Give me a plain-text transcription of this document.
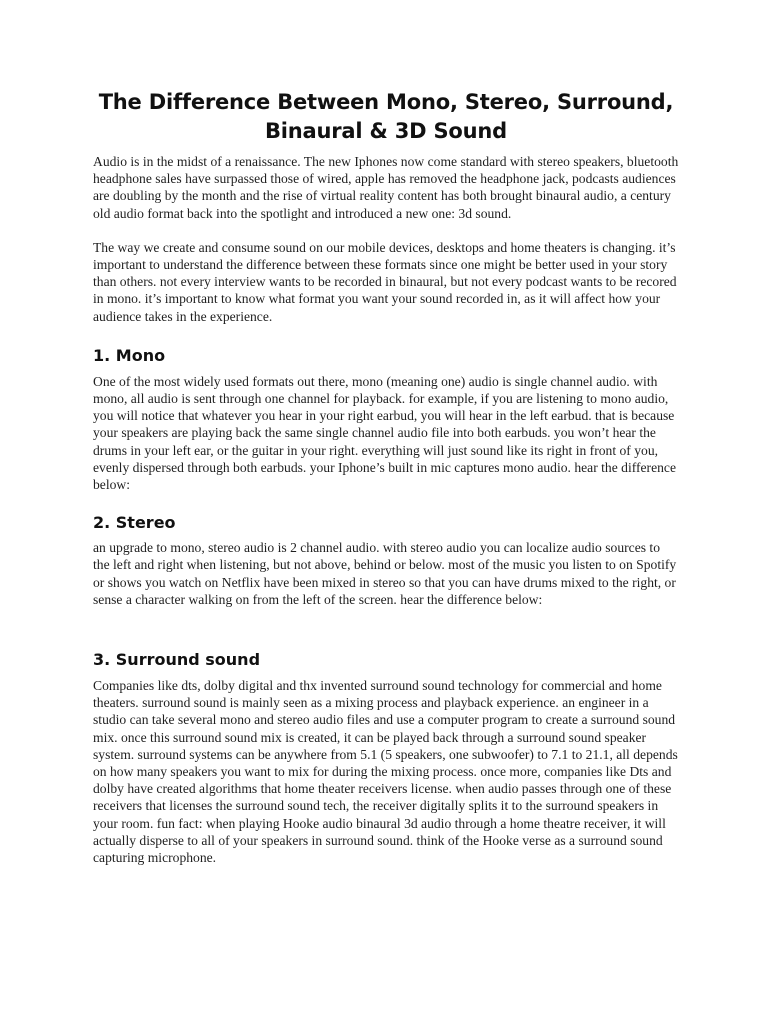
The Difference Between Mono, Stereo, Surround, Binaural & 3D Sound

Audio is in the midst of a renaissance. The new Iphones now come standard with stereo speakers, bluetooth headphone sales have surpassed those of wired, apple has removed the headphone jack, podcasts audiences are doubling by the month and the rise of virtual reality content has both brought binaural audio, a century old audio format back into the spotlight and introduced a new one: 3d sound.

The way we create and consume sound on our mobile devices, desktops and home theaters is changing. it’s important to understand the difference between these formats since one might be better used in your story than others. not every interview wants to be recorded in binaural, but not every podcast wants to be recored in mono. it’s important to know what format you want your sound recorded in, as it will affect how your audience takes in the experience.

1. Mono

One of the most widely used formats out there, mono (meaning one) audio is single channel audio. with mono, all audio is sent through one channel for playback. for example, if you are listening to mono audio, you will notice that whatever you hear in your right earbud, you will hear in the left earbud. that is because your speakers are playing back the same single channel audio file into both earbuds. you won’t hear the drums in your left ear, or the guitar in your right. everything will just sound like its right in front of you, evenly dispersed through both earbuds. your Iphone’s built in mic captures mono audio. hear the difference below:

2. Stereo

an upgrade to mono, stereo audio is 2 channel audio. with stereo audio you can localize audio sources to the left and right when listening, but not above, behind or below. most of the music you listen to on Spotify or shows you watch on Netflix have been mixed in stereo so that you can have drums mixed to the right, or sense a character walking on from the left of the screen. hear the difference below:

3. Surround sound

Companies like dts, dolby digital and thx invented surround sound technology for commercial and home theaters. surround sound is mainly seen as a mixing process and playback experience. an engineer in a studio can take several mono and stereo audio files and use a computer program to create a surround sound mix. once this surround sound mix is created, it can be played back through a surround sound speaker system. surround systems can be anywhere from 5.1 (5 speakers, one subwoofer) to 7.1 to 21.1, all depends on how many speakers you want to mix for during the mixing process. once more, companies like Dts and dolby have created algorithms that home theater receivers license. when audio passes through one of these receivers that licenses the surround sound tech, the receiver digitally splits it to the surround speakers in your room. fun fact: when playing Hooke audio binaural 3d audio through a home theatre receiver, it will actually disperse to all of your speakers in surround sound. think of the Hooke verse as a surround sound capturing microphone.
